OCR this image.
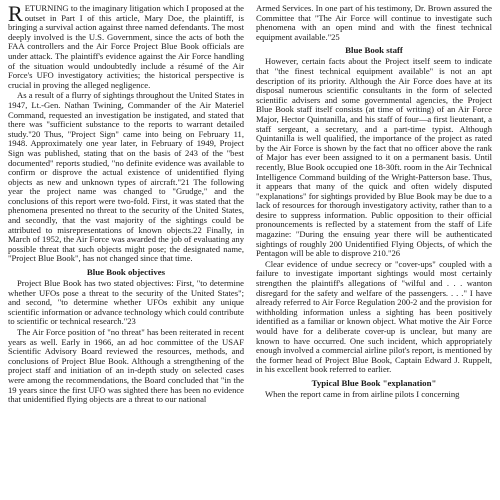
RETURNING to the imaginary litigation which I proposed at the outset in Part I of this article, Mary Doe, the plaintiff, is bringing a survival action against three named defendants. The most deeply involved is the U.S. Government, since the acts of both the FAA controllers and the Air Force Project Blue Book officials are under attack. The plaintiff's evidence against the Air Force handling of the situation would undoubtedly include a résumé of the Air Force's UFO investigatory activities; the historical perspective is crucial in proving the alleged negligence.

As a result of a flurry of sightings throughout the United States in 1947, Lt.-Gen. Nathan Twining, Commander of the Air Materiel Command, requested an investigation be instigated, and stated that there was "sufficient substance to the reports to warrant detailed study."20 Thus, "Project Sign" came into being on February 11, 1948. Approximately one year later, in February of 1949, Project Sign was published, stating that on the basis of 243 of the "best documented" reports studied, "no definite evidence was available to confirm or disprove the actual existence of unidentified flying objects as new and unknown types of aircraft."21 The following year the project name was changed to "Grudge," and the conclusions of this report were two-fold. First, it was stated that the phenomena presented no threat to the security of the United States, and secondly, that the vast majority of the sightings could be attributed to misrepresentations of known objects.22 Finally, in March of 1952, the Air Force was awarded the job of evaluating any possible threat that such objects might pose; the designated name, "Project Blue Book", has not changed since that time.

Blue Book objectives

Project Blue Book has two stated objectives: First, "to determine whether UFOs pose a threat to the security of the United States"; and second, "to determine whether UFOs exhibit any unique scientific information or advance technology which could contribute to scientific or technical research."23

The Air Force position of "no threat" has been reiterated in recent years as well. Early in 1966, an ad hoc committee of the USAF Scientific Advisory Board reviewed the resources, methods, and conclusions of Project Blue Book. Although a strengthening of the project staff and initiation of an in-depth study on selected cases were among the recommendations, the Board concluded that "in the 19 years since the first UFO was sighted there has been no evidence that unidentified flying objects are a threat to our national

Armed Services. In one part of his testimony, Dr. Brown assured the Committee that "The Air Force will continue to investigate such phenomena with an open mind and with the finest technical equipment available."25

Blue Book staff

However, certain facts about the Project itself seem to indicate that "the finest technical equipment available" is not an apt description of its priority. Although the Air Force does have at its disposal numerous scientific consultants in the form of selected scientific advisers and some governmental agencies, the Project Blue Book staff itself consists (at time of writing) of an Air Force Major, Hector Quintanilla, and his staff of four—a first lieutenant, a staff sergeant, a secretary, and a part-time typist. Although Quintanilla is well qualified, the importance of the project as rated by the Air Force is shown by the fact that no officer above the rank of Major has ever been assigned to it on a permanent basis. Until recently, Blue Book occupied one 18-30ft. room in the Air Technical Intelligence Command building of the Wright-Patterson base. Thus, it appears that many of the quick and often widely disputed "explanations" for sightings provided by Blue Book may be due to a lack of resources for thorough investigatory activity, rather than to a desire to suppress information. Public opposition to their official pronouncements is reflected by a statement from the staff of Life magazine: "During the ensuing year there will be authenticated sightings of roughly 200 Unidentified Flying Objects, of which the Pentagon will be able to disprove 210."26

Clear evidence of undue secrecy or "cover-ups" coupled with a failure to investigate important sightings would most certainly strengthen the plaintiff's allegations of "wilful and . . . wanton disregard for the safety and welfare of the passengers. . . ." I have already referred to Air Force Regulation 200-2 and the provision for withholding information unless a sighting has been positively identified as a familiar or known object. What motive the Air Force would have for a deliberate cover-up is unclear, but many are known to have occurred. One such incident, which appropriately enough involved a commercial airline pilot's report, is mentioned by the former head of Project Blue Book, Captain Edward J. Ruppelt, in his excellent book referred to earlier.

Typical Blue Book "explanation"

When the report came in from airline pilots I concerning
